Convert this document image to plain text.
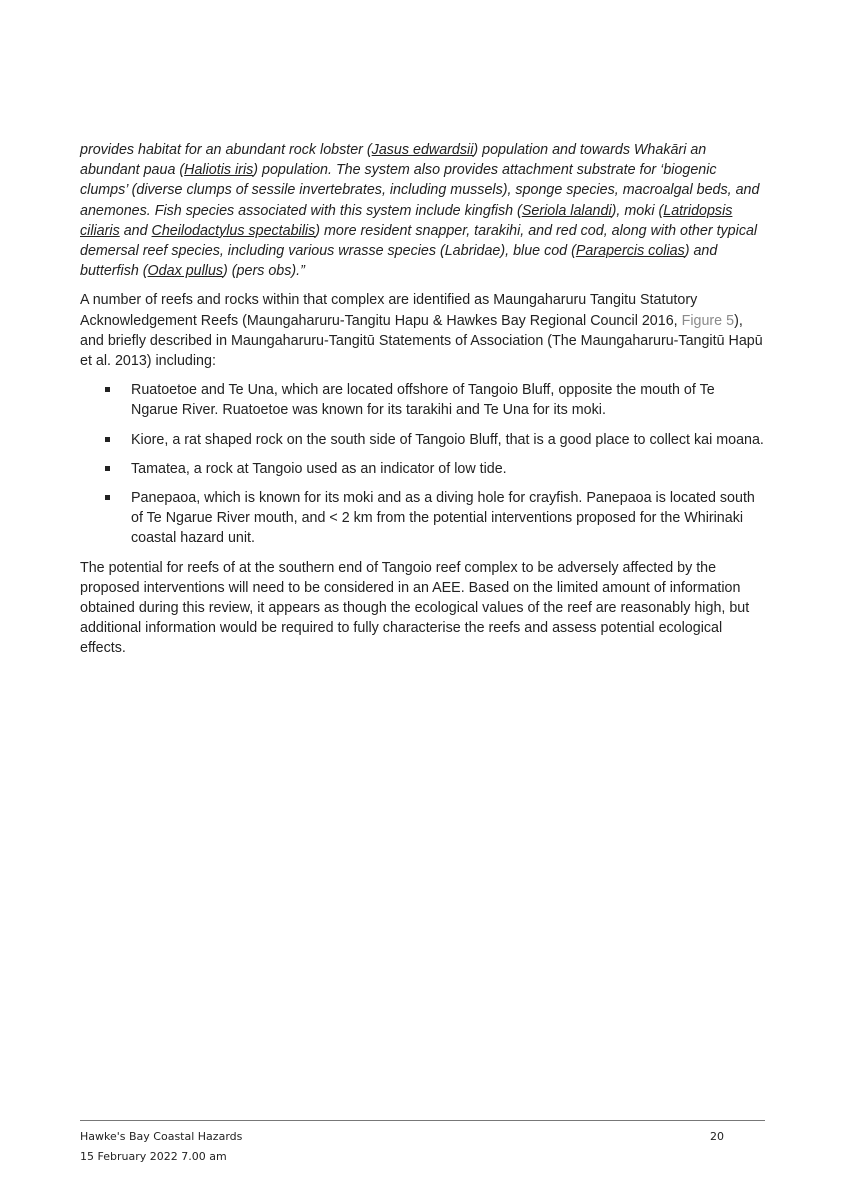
provides habitat for an abundant rock lobster (Jasus edwardsii) population and towards Whakāri an abundant paua (Haliotis iris) population. The system also provides attachment substrate for ‘biogenic clumps’ (diverse clumps of sessile invertebrates, including mussels), sponge species, macroalgal beds, and anemones. Fish species associated with this system include kingfish (Seriola lalandi), moki (Latridopsis ciliaris and Cheilodactylus spectabilis) more resident snapper, tarakihi, and red cod, along with other typical demersal reef species, including various wrasse species (Labridae), blue cod (Parapercis colias) and butterfish (Odax pullus) (pers obs).”

A number of reefs and rocks within that complex are identified as Maungaharuru Tangitu Statutory Acknowledgement Reefs (Maungaharuru-Tangitu Hapu & Hawkes Bay Regional Council 2016, Figure 5), and briefly described in Maungaharuru-Tangitū Statements of Association (The Maungaharuru-Tangitū Hapū et al. 2013) including:

Ruatoetoe and Te Una, which are located offshore of Tangoio Bluff, opposite the mouth of Te Ngarue River. Ruatoetoe was known for its tarakihi and Te Una for its moki.
Kiore, a rat shaped rock on the south side of Tangoio Bluff, that is a good place to collect kai moana.
Tamatea, a rock at Tangoio used as an indicator of low tide.
Panepaoa, which is known for its moki and as a diving hole for crayfish. Panepaoa is located south of Te Ngarue River mouth, and < 2 km from the potential interventions proposed for the Whirinaki coastal hazard unit.

The potential for reefs of at the southern end of Tangoio reef complex to be adversely affected by the proposed interventions will need to be considered in an AEE. Based on the limited amount of information obtained during this review, it appears as though the ecological values of the reef are reasonably high, but additional information would be required to fully characterise the reefs and assess potential ecological effects.

Hawke's Bay Coastal Hazards	20
15 February 2022 7.00 am
